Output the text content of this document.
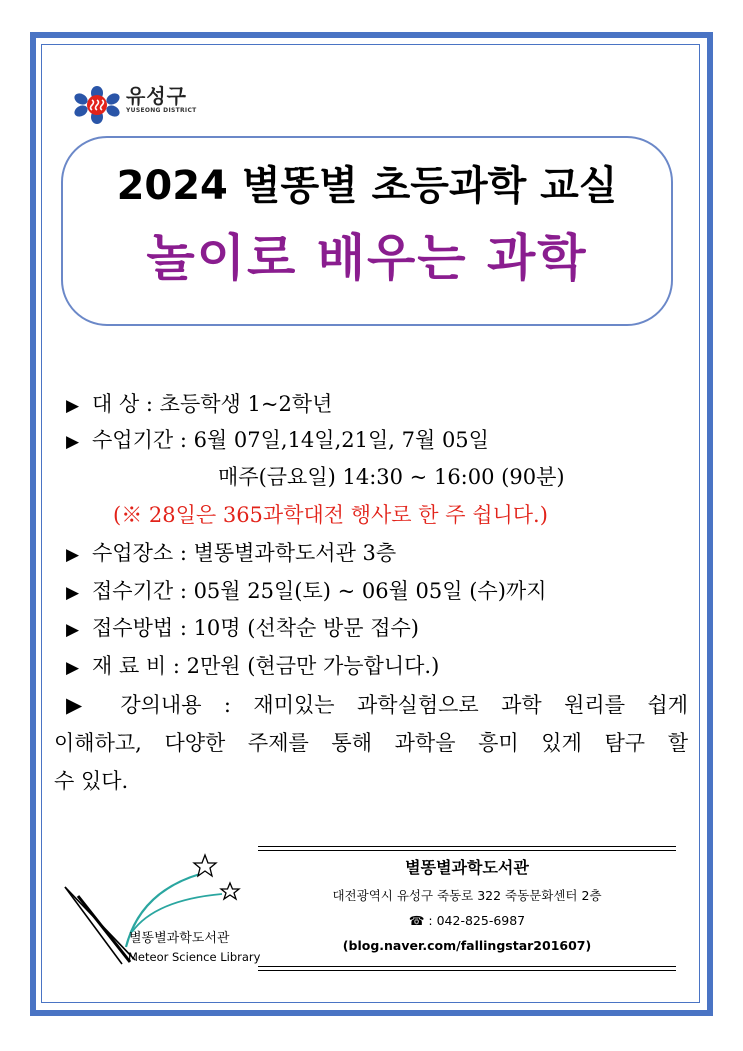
유성구
YUSEONG DISTRICT
2024 별똥별 초등과학 교실
놀이로 배우는 과학
▶ 대 상 : 초등학생 1~2학년
▶ 수업기간 : 6월 07일,14일,21일, 7월 05일
매주(금요일) 14:30 ~ 16:00 (90분)
(※ 28일은 365과학대전 행사로 한 주 쉽니다.)
▶ 수업장소 : 별똥별과학도서관 3층
▶ 접수기간 : 05월 25일(토) ~ 06월 05일 (수)까지
▶ 접수방법 : 10명 (선착순 방문 접수)
▶ 재 료 비 : 2만원 (현금만 가능합니다.)
▶ 강의내용 : 재미있는 과학실험으로 과학 원리를 쉽게
이해하고, 다양한 주제를 통해 과학을 흥미 있게 탐구 할
수 있다.
별똥별과학도서관
Meteor Science Library
별똥별과학도서관
대전광역시 유성구 죽동로 322 죽동문화센터 2층
☎ : 042-825-6987
(blog.naver.com/fallingstar201607)
